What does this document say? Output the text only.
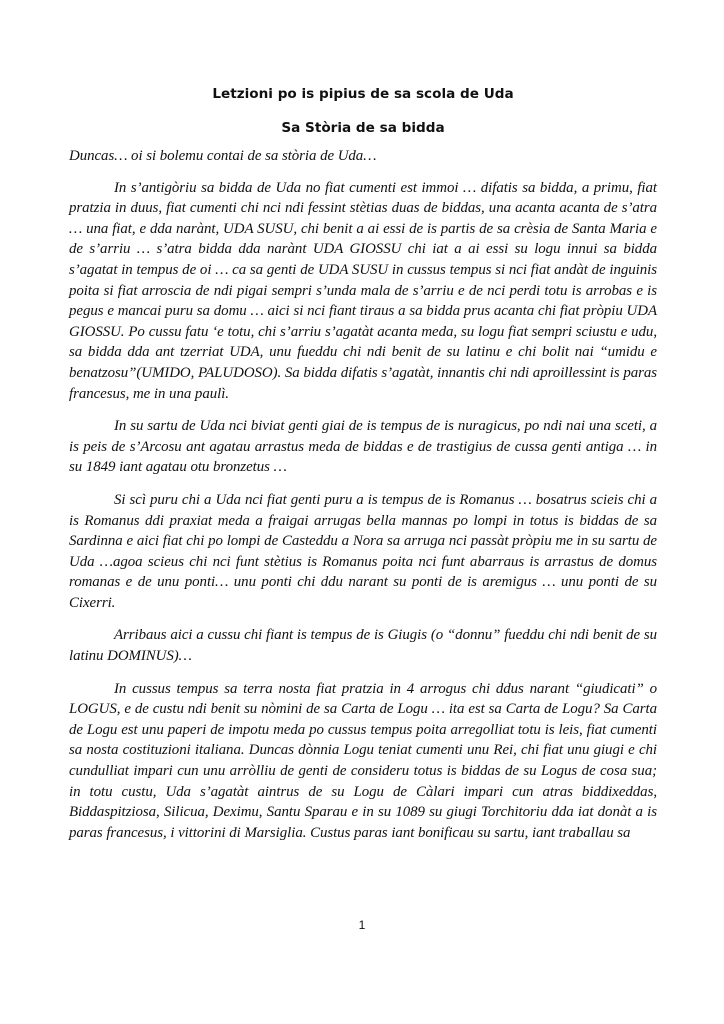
Letzioni po is pipius de sa scola de Uda
Sa Stòria de sa bidda

Duncas… oi si bolemu contai de sa stòria de Uda…

In s’antigòriu sa bidda de Uda no fiat cumenti est immoi … difatis sa bidda, a primu, fiat pratzia in duus, fiat cumenti chi nci ndi fessint stètias duas de biddas, una acanta acanta de s’atra … una fiat, e dda narànt, UDA SUSU, chi benit a ai essi de is partis de sa crèsia de Santa Maria e de s’arriu … s’atra bidda dda narànt UDA GIOSSU chi iat a ai essi su logu innui sa bidda s’agatat in tempus de oi … ca sa genti de UDA SUSU in cussus tempus si nci fiat andàt de inguinis poita si fiat arroscia de ndi pigai sempri s’unda mala de s’arriu e de nci perdi totu is arrobas e is pegus e mancai puru sa domu … aici si nci fiant tiraus a sa bidda prus acanta chi fiat pròpiu UDA GIOSSU. Po cussu fatu ‘e totu, chi s’arriu s’agatàt acanta meda, su logu fiat sempri sciustu e udu, sa bidda dda ant tzerriat UDA, unu fueddu chi ndi benit de su latinu e chi bolit nai “umidu e benatzosu”(UMIDO, PALUDOSO). Sa bidda difatis s’agatàt, innantis chi ndi aproillessint is paras francesus, me in una paulì.

In su sartu de Uda nci biviat genti giai de is tempus de is nuragicus, po ndi nai una sceti, a is peis de s’Arcosu ant agatau arrastus meda de biddas e de trastigius de cussa genti antiga … in su 1849 iant agatau otu bronzetus …

Si scì puru chi a Uda nci fiat genti puru a is tempus de is Romanus … bosatrus scieis chi a is Romanus ddi praxiat meda a fraigai arrugas bella mannas po lompi in totus is biddas de sa Sardinna e aici fiat chi po lompi de Casteddu a Nora sa arruga nci passàt pròpiu me in su sartu de Uda …agoa scieus chi nci funt stètius is Romanus poita nci funt abarraus is arrastus de domus romanas e de unu ponti… unu ponti chi ddu narant su ponti de is aremigus … unu ponti de su Cixerri.

Arribaus aici a cussu chi fiant is tempus de is Giugis (o “donnu” fueddu chi ndi benit de su latinu DOMINUS)…

In cussus tempus sa terra nosta fiat pratzia in 4 arrogus chi ddus narant “giudicati” o LOGUS, e de custu ndi benit su nòmini de sa Carta de Logu … ita est sa Carta de Logu? Sa Carta de Logu est unu paperi de impotu meda po cussus tempus poita arregolliat totu is leis, fiat cumenti sa nosta costituzioni italiana. Duncas dònnia Logu teniat cumenti unu Rei, chi fiat unu giugi e chi cundulliat impari cun unu arròlliu de genti de consideru totus is biddas de su Logus de cosa sua; in totu custu, Uda s’agatàt aintrus de su Logu de Càlari impari cun atras biddixeddas, Biddaspitziosa, Silicua, Deximu, Santu Sparau e in su 1089 su giugi Torchitoriu dda iat donàt a is paras francesus, i vittorini di Marsiglia. Custus paras iant bonificau su sartu, iant traballau sa

1
